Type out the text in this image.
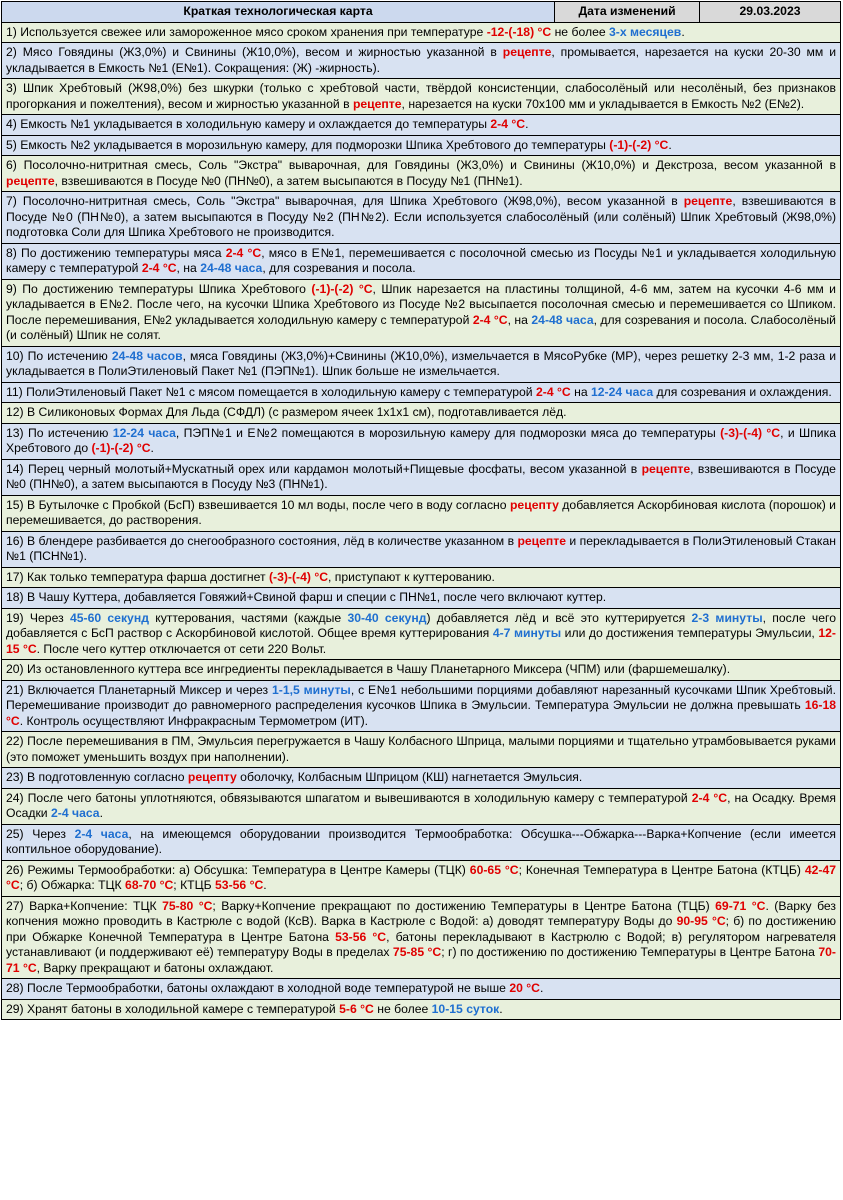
Краткая технологическая карта	Дата изменений	29.03.2023
1) Используется свежее или замороженное мясо сроком хранения при температуре -12-(-18) °С не более 3-х месяцев.
2) Мясо Говядины (Ж3,0%) и Свинины (Ж10,0%), весом и жирностью указанной в рецепте, промывается, нарезается на куски 20-30 мм и укладывается в Емкость №1 (Е№1). Сокращения: (Ж) -жирность).
3) Шпик Хребтовый (Ж98,0%) без шкурки (только с хребтовой части, твёрдой консистенции, слабосолёный или несолёный, без признаков прогоркания и пожелтения), весом и жирностью указанной в рецепте, нарезается на куски 70х100 мм и укладывается в Емкость №2 (Е№2).
4) Емкость №1 укладывается в холодильную камеру и охлаждается до температуры 2-4 °С.
5) Емкость №2 укладывается в морозильную камеру, для подморозки Шпика Хребтового до температуры (-1)-(-2) °С.
6) Посолочно-нитритная смесь, Соль "Экстра" выварочная, для Говядины (Ж3,0%) и Свинины (Ж10,0%) и Декстроза, весом указанной в рецепте, взвешиваются в Посуде №0 (ПН№0), а затем высыпаются в Посуду №1 (ПН№1).
7) Посолочно-нитритная смесь, Соль "Экстра" выварочная, для Шпика Хребтового (Ж98,0%), весом указанной в рецепте, взвешиваются в Посуде №0 (ПН№0), а затем высыпаются в Посуду №2 (ПН№2). Если используется слабосолёный (или солёный) Шпик Хребтовый (Ж98,0%) подготовка Соли для Шпика Хребтового не производится.
8) По достижению температуры мяса 2-4 °С, мясо в Е№1, перемешивается с посолочной смесью из Посуды №1 и укладывается холодильную камеру с температурой 2-4 °С, на 24-48 часа, для созревания и посола.
9) По достижению температуры Шпика Хребтового (-1)-(-2) °С, Шпик нарезается на пластины толщиной, 4-6 мм, затем на кусочки 4-6 мм и укладывается в Е№2. После чего, на кусочки Шпика Хребтового из Посуде №2 высыпается посолочная смесью и перемешивается со Шпиком. После перемешивания, Е№2 укладывается холодильную камеру с температурой 2-4 °С, на 24-48 часа, для созревания и посола. Слабосолёный (и солёный) Шпик не солят.
10) По истечению 24-48 часов, мяса Говядины (Ж3,0%)+Свинины (Ж10,0%), измельчается в МясоРубке (МР), через решетку 2-3 мм, 1-2 раза и укладывается в ПолиЭтиленовый Пакет №1 (ПЭП№1). Шпик больше не измельчается.
11) ПолиЭтиленовый Пакет №1 с мясом помещается в холодильную камеру с температурой 2-4 °С на 12-24 часа для созревания и охлаждения.
12) В Силиконовых Формах Для Льда (СФДЛ) (с размером ячеек 1х1х1 см), подготавливается лёд.
13) По истечению 12-24 часа, ПЭП№1 и Е№2 помещаются в морозильную камеру для подморозки мяса до температуры (-3)-(-4) °С, и Шпика Хребтового до (-1)-(-2) °С.
14) Перец черный молотый+Мускатный орех или кардамон молотый+Пищевые фосфаты, весом указанной в рецепте, взвешиваются в Посуде №0 (ПН№0), а затем высыпаются в Посуду №3 (ПН№1).
15) В Бутылочке с Пробкой (БсП) взвешивается 10 мл воды, после чего в воду согласно рецепту добавляется Аскорбиновая кислота (порошок) и перемешивается, до растворения.
16) В блендере разбивается до снегообразного состояния, лёд в количестве указанном в рецепте и перекладывается в ПолиЭтиленовый Стакан №1 (ПСН№1).
17) Как только температура фарша достигнет (-3)-(-4) °С, приступают к куттерованию.
18) В Чашу Куттера, добавляется Говяжий+Свиной фарш и специи с ПН№1, после чего включают куттер.
19) Через 45-60 секунд куттерования, частями (каждые 30-40 секунд) добавляется лёд и всё это куттерируется 2-3 минуты, после чего добавляется с БсП раствор с Аскорбиновой кислотой. Общее время куттерирования 4-7 минуты или до достижения температуры Эмульсии, 12-15 °С. После чего куттер отключается от сети 220 Вольт.
20) Из остановленного куттера все ингредиенты перекладывается в Чашу Планетарного Миксера (ЧПМ) или (фаршемешалку).
21) Включается Планетарный Миксер и через 1-1,5 минуты, с Е№1 небольшими порциями добавляют нарезанный кусочками Шпик Хребтовый. Перемешивание производит до равномерного распределения кусочков Шпика в Эмульсии. Температура Эмульсии не должна превышать 16-18 °С. Контроль осуществляют Инфракрасным Термометром (ИТ).
22) После перемешивания в ПМ, Эмульсия перегружается в Чашу Колбасного Шприца, малыми порциями и тщательно утрамбовывается руками (это поможет уменьшить воздух при наполнении).
23) В подготовленную согласно рецепту оболочку, Колбасным Шприцом (КШ) нагнетается Эмульсия.
24) После чего батоны уплотняются, обвязываются шпагатом и вывешиваются в холодильную камеру с температурой 2-4 °С, на Осадку. Время Осадки 2-4 часа.
25) Через 2-4 часа, на имеющемся оборудовании производится Термообработка: Обсушка---Обжарка---Варка+Копчение (если имеется коптильное оборудование).
26) Режимы Термообработки: а) Обсушка: Температура в Центре Камеры (ТЦК) 60-65 °С; Конечная Температура в Центре Батона (КТЦБ) 42-47 °С; б) Обжарка: ТЦК 68-70 °С; КТЦБ 53-56 °С.
27) Варка+Копчение: ТЦК 75-80 °С; Варку+Копчение прекращают по достижению Температуры в Центре Батона (ТЦБ) 69-71 °С. (Варку без копчения можно проводить в Кастрюле с водой (КсВ). Варка в Кастрюле с Водой: а) доводят температуру Воды до 90-95 °С; б) по достижению при Обжарке Конечной Температура в Центре Батона 53-56 °С, батоны перекладывают в Кастрюлю с Водой; в) регулятором нагревателя устанавливают (и поддерживают её) температуру Воды в пределах 75-85 °С; г) по достижению по достижению Температуры в Центре Батона 70-71 °С, Варку прекращают и батоны охлаждают.
28) После Термообработки, батоны охлаждают в холодной воде температурой не выше 20 °С.
29) Хранят батоны в холодильной камере с температурой 5-6 °С не более 10-15 суток.
